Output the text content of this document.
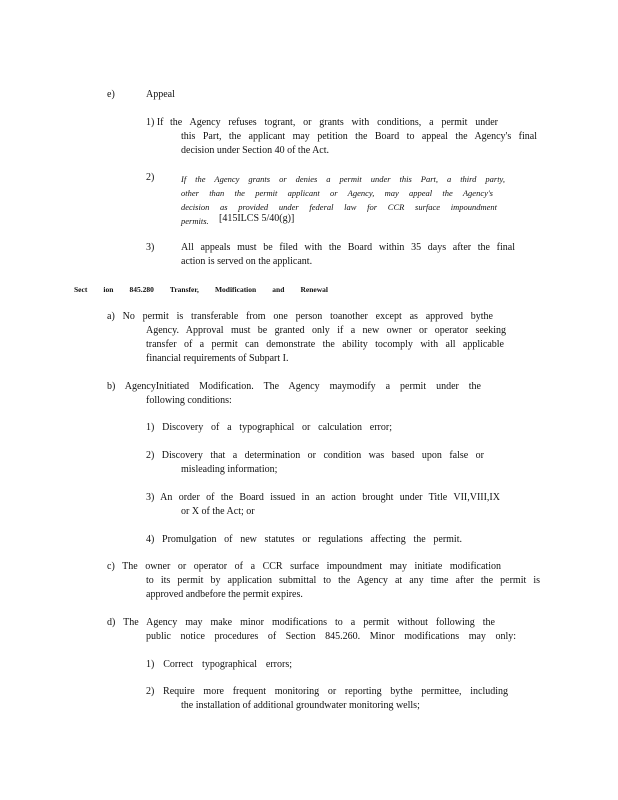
e)	Appeal
1) If the Agency refuses togrant, or grants with conditions, a permit under
this Part, the applicant may petition the Board to appeal the Agency's final
decision under Section 40 of the Act.
2)	If the Agency grants or denies a permit under this Part, a third party,
other than the permit applicant or Agency, may appeal the Agency's
decision as provided under federal law for CCR surface impoundment
permits. [415ILCS 5/40(g)]
3)	All appeals must be filed with the Board within 35 days after the final
action is served on the applicant.
Sect ion 845.280 Transfer, Modification and Renewal
a) No permit is transferable from one person toanother except as approved bythe
Agency. Approval must be granted only if a new owner or operator seeking
transfer of a permit can demonstrate the ability tocomply with all applicable
financial requirements of Subpart I.
b) AgencyInitiated Modification. The Agency maymodify a permit under the
following conditions:
1) Discovery of a typographical or calculation error;
2) Discovery that a determination or condition was based upon false or
misleading information;
3) An order of the Board issued in an action brought under Title VII,VIII,IX
or X of the Act; or
4) Promulgation of new statutes or regulations affecting the permit.
c) The owner or operator of a CCR surface impoundment may initiate modification
to its permit by application submittal to the Agency at any time after the permit is
approved andbefore the permit expires.
d) The Agency may make minor modifications to a permit without following the
public notice procedures of Section 845.260. Minor modifications may only:
1) Correct typographical errors;
2) Require more frequent monitoring or reporting bythe permittee, including
the installation of additional groundwater monitoring wells;
